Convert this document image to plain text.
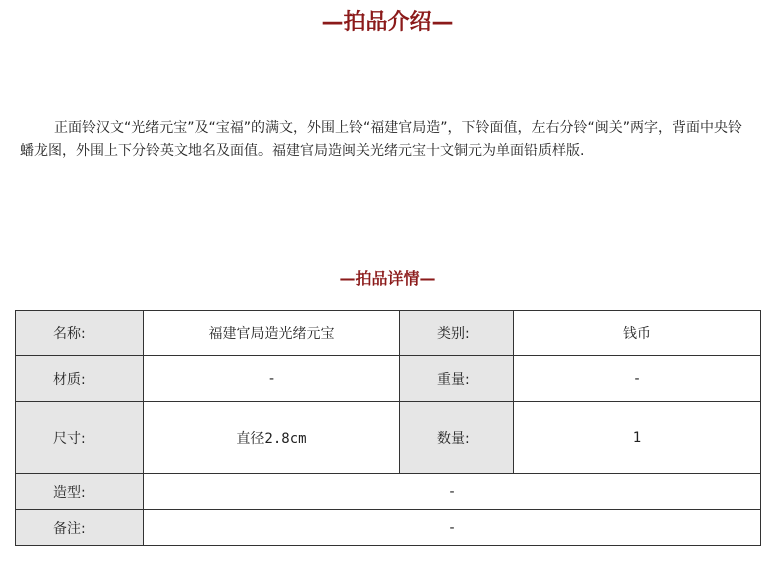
—拍品介绍—

正面铃汉文“光绪元宝”及“宝福”的满文，外围上铃“福建官局造”，下铃面值，左右分铃“闽关”两字，背面中央铃蟠龙图，外围上下分铃英文地名及面值。福建官局造闽关光绪元宝十文铜元为单面铅质样版.

—拍品详情—
名称:	福建官局造光绪元宝	类别:	钱币
材质:	-	重量:	-
尺寸:	直径2.8cm	数量:	1
造型:	-		
备注:	-		
